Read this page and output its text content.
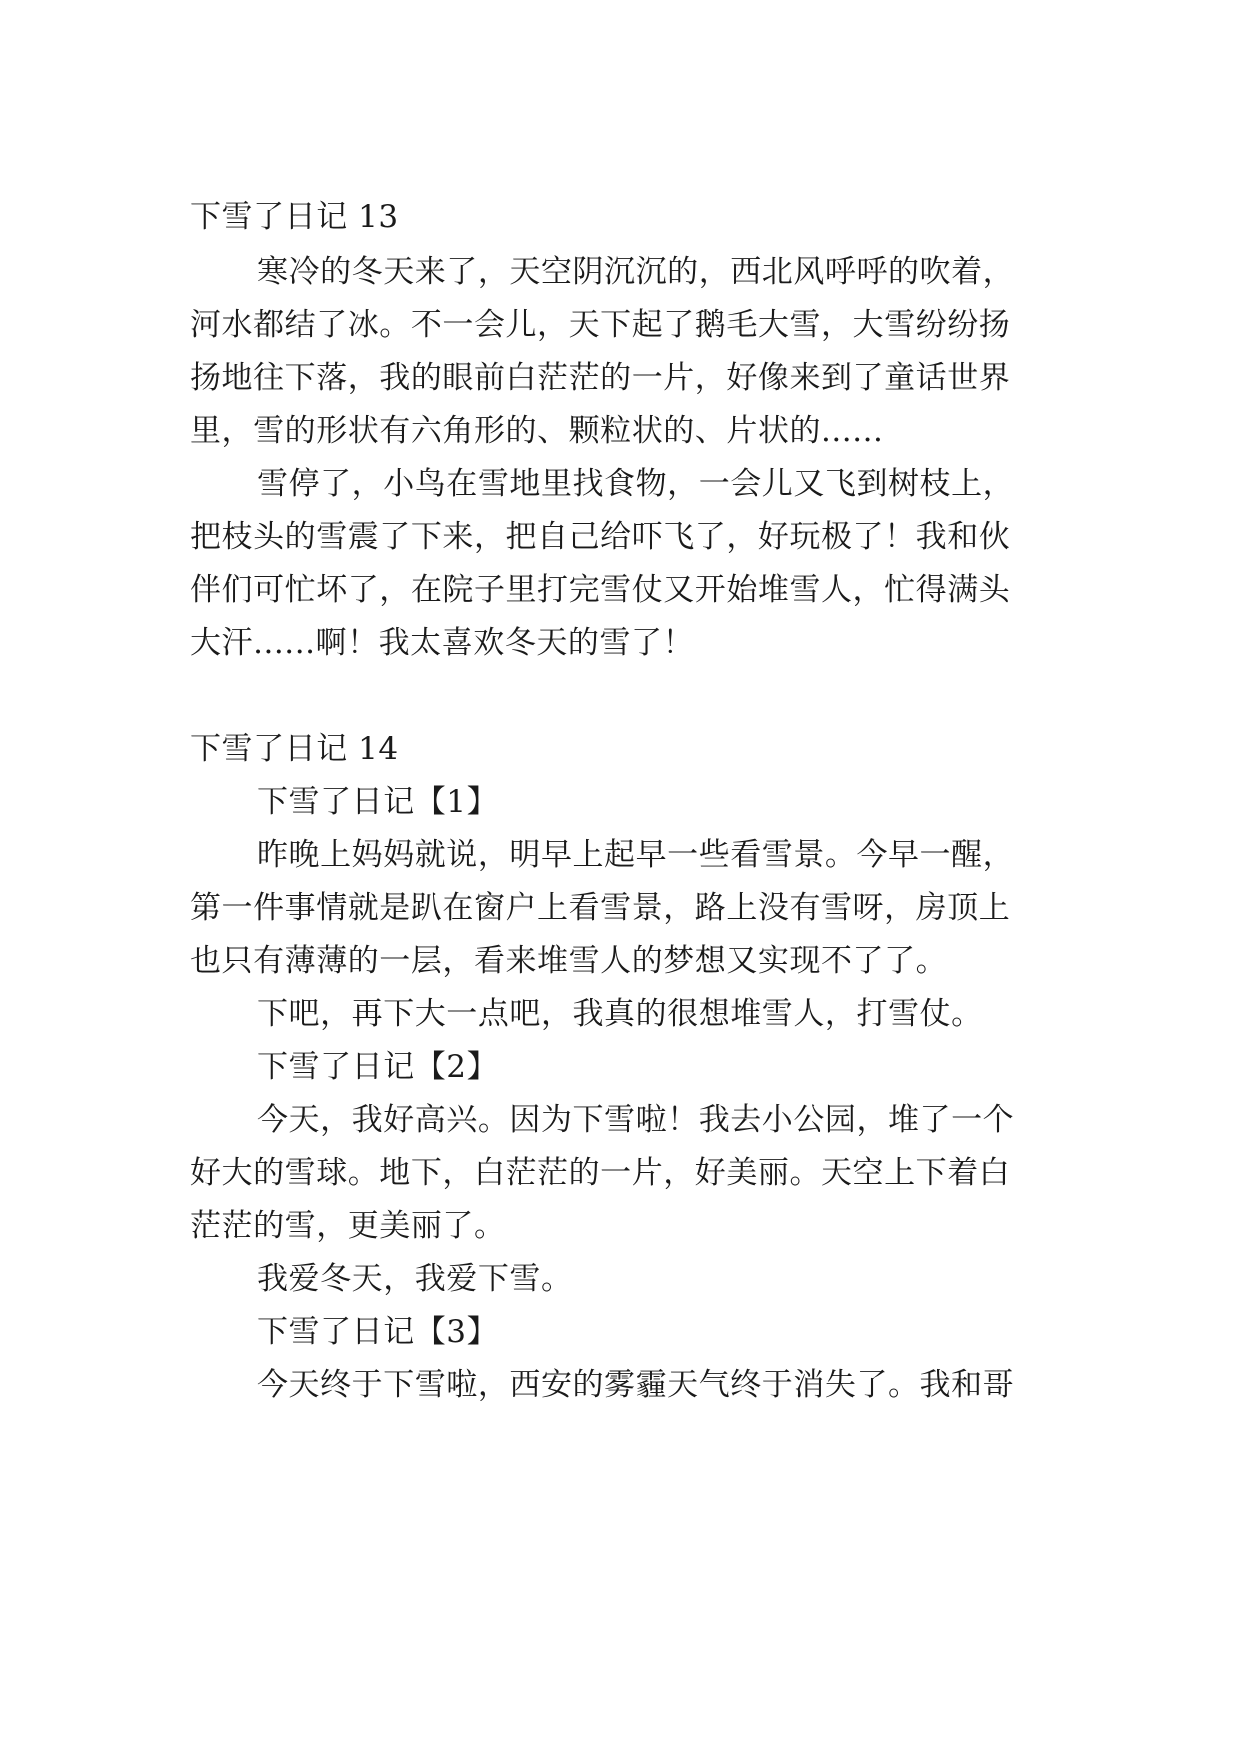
下雪了日记 13
寒冷的冬天来了，天空阴沉沉的，西北风呼呼的吹着，
河水都结了冰。不一会儿，天下起了鹅毛大雪，大雪纷纷扬
扬地往下落，我的眼前白茫茫的一片，好像来到了童话世界
里，雪的形状有六角形的、颗粒状的、片状的......
雪停了，小鸟在雪地里找食物，一会儿又飞到树枝上，
把枝头的雪震了下来，把自己给吓飞了，好玩极了！我和伙
伴们可忙坏了，在院子里打完雪仗又开始堆雪人，忙得满头
大汗......啊！我太喜欢冬天的雪了！
下雪了日记 14
下雪了日记【1】
昨晚上妈妈就说，明早上起早一些看雪景。今早一醒，
第一件事情就是趴在窗户上看雪景，路上没有雪呀，房顶上
也只有薄薄的一层，看来堆雪人的梦想又实现不了了。
下吧，再下大一点吧，我真的很想堆雪人，打雪仗。
下雪了日记【2】
今天，我好高兴。因为下雪啦！我去小公园，堆了一个
好大的雪球。地下，白茫茫的一片，好美丽。天空上下着白
茫茫的雪，更美丽了。
我爱冬天，我爱下雪。
下雪了日记【3】
今天终于下雪啦，西安的雾霾天气终于消失了。我和哥
